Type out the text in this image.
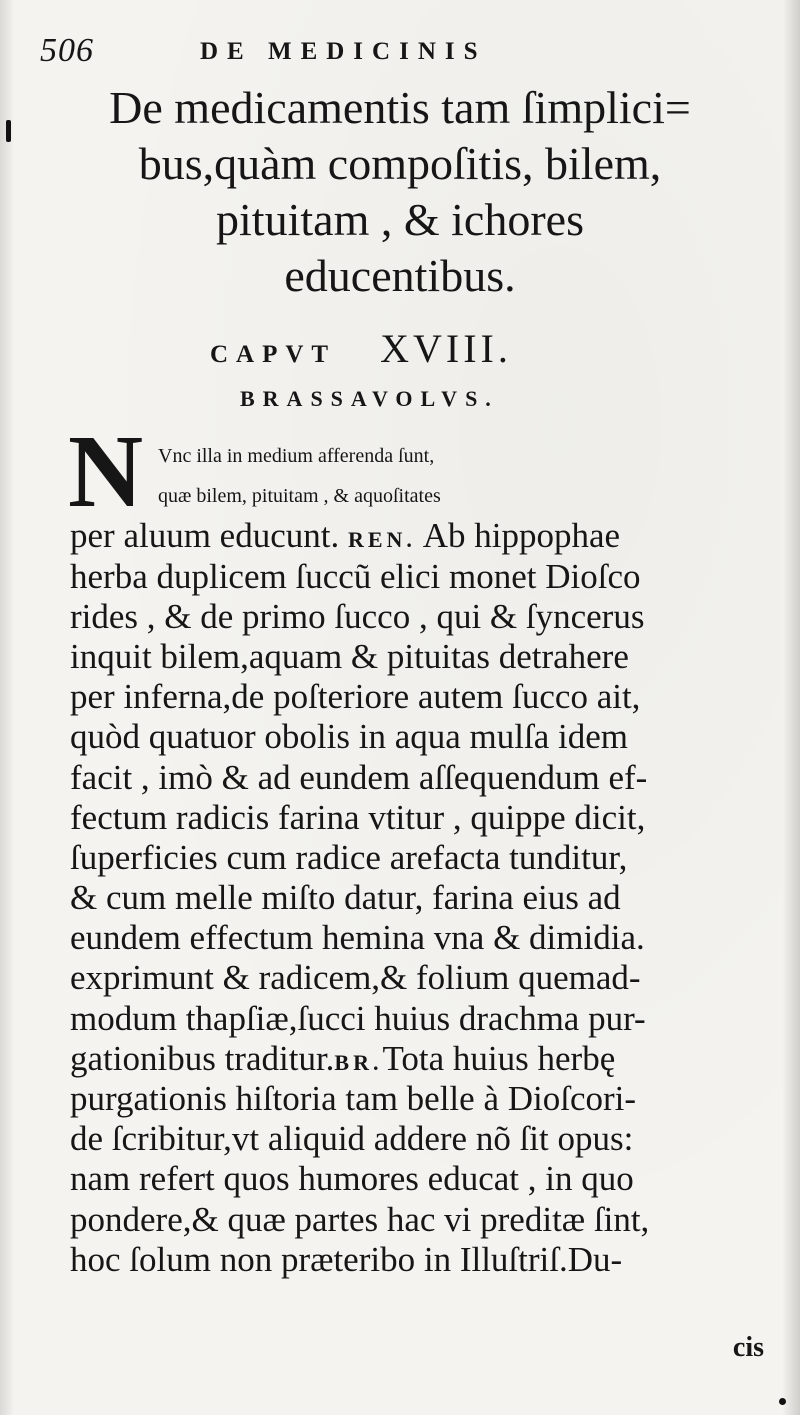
506	DE MEDICINIS
De medicamentis tam ſimplici=
bus,quàm compoſitis, bilem,
pituitam , & ichores
educentibus.
CAPVT XVIII.
BRASSAVOLVS.
N Vnc illa in medium afferenda ſunt,
quæ bilem, pituitam , & aquoſitates
per aluum educunt. REN. Ab hippophae
herba duplicem ſuccũ elici monet Dioſco
rides , & de primo ſucco , qui & ſyncerus
inquit bilem,aquam & pituitas detrahere
per inferna,de poſteriore autem ſucco ait,
quòd quatuor obolis in aqua mulſa idem
facit , imò & ad eundem aſſequendum ef-
fectum radicis farina vtitur , quippe dicit,
ſuperficies cum radice arefacta tunditur,
& cum melle miſto datur, farina eius ad
eundem effectum hemina vna & dimidia.
exprimunt & radicem,& folium quemad-
modum thapſiæ,ſucci huius drachma pur-
gationibus traditur.BR.Tota huius herbę
purgationis hiſtoria tam belle à Dioſcori-
de ſcribitur,vt aliquid addere nõ ſit opus:
nam refert quos humores educat , in quo
pondere,& quæ partes hac vi preditæ ſint,
hoc ſolum non præteribo in Illuſtriſ.Du-
cis
